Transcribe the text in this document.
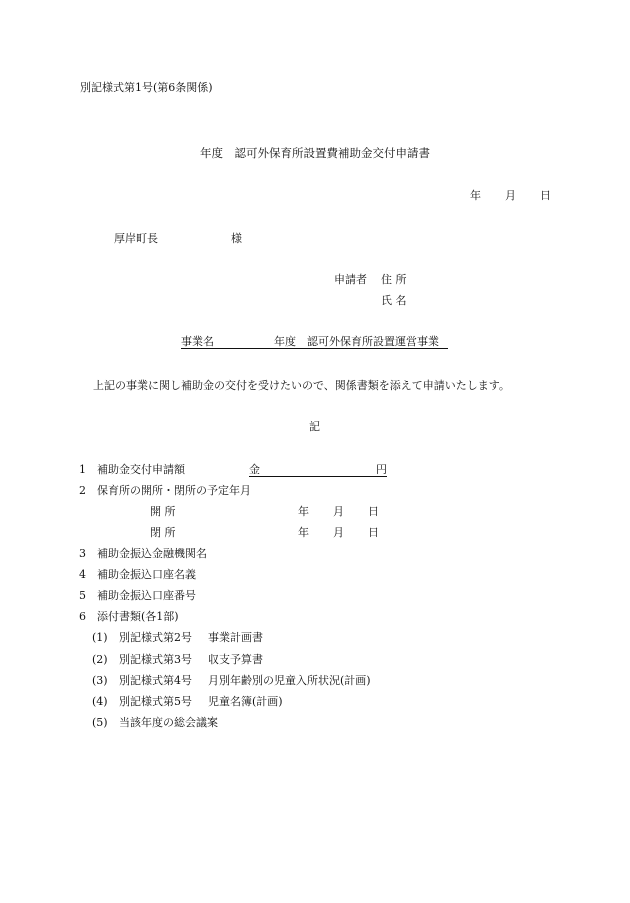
別記様式第1号(第6条関係)
年度　認可外保育所設置費補助金交付申請書
年 月 日
厚岸町長	様
申請者 住 所
氏 名
事業名	年度　認可外保育所設置運営事業
上記の事業に関し補助金の交付を受けたいので、関係書類を添えて申請いたします。
記
1 補助金交付申請額	金	円
2 保育所の開所・閉所の予定年月
開 所	年 月 日
閉 所	年 月 日
3 補助金振込金融機関名
4 補助金振込口座名義
5 補助金振込口座番号
6 添付書類(各1部)
(1) 別記様式第2号 事業計画書
(2) 別記様式第3号 収支予算書
(3) 別記様式第4号 月別年齢別の児童入所状況(計画)
(4) 別記様式第5号 児童名簿(計画)
(5) 当該年度の総会議案
